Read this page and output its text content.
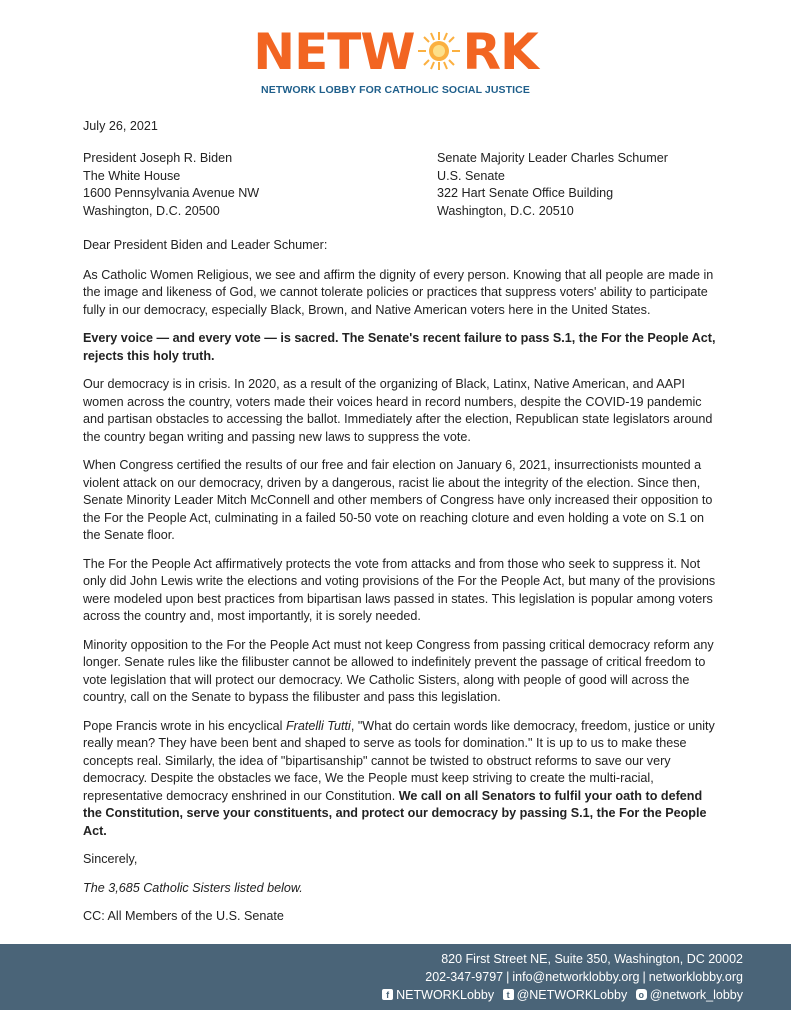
NETW RK
NETWORK LOBBY FOR CATHOLIC SOCIAL JUSTICE
July 26, 2021
President Joseph R. Biden
The White House
1600 Pennsylvania Avenue NW
Washington, D.C. 20500
Senate Majority Leader Charles Schumer
U.S. Senate
322 Hart Senate Office Building
Washington, D.C. 20510

Dear President Biden and Leader Schumer:

As Catholic Women Religious, we see and affirm the dignity of every person. Knowing that all people are made in the image and likeness of God, we cannot tolerate policies or practices that suppress voters' ability to participate fully in our democracy, especially Black, Brown, and Native American voters here in the United States.

Every voice — and every vote — is sacred. The Senate's recent failure to pass S.1, the For the People Act, rejects this holy truth.

Our democracy is in crisis. In 2020, as a result of the organizing of Black, Latinx, Native American, and AAPI women across the country, voters made their voices heard in record numbers, despite the COVID-19 pandemic and partisan obstacles to accessing the ballot. Immediately after the election, Republican state legislators around the country began writing and passing new laws to suppress the vote.

When Congress certified the results of our free and fair election on January 6, 2021, insurrectionists mounted a violent attack on our democracy, driven by a dangerous, racist lie about the integrity of the election. Since then, Senate Minority Leader Mitch McConnell and other members of Congress have only increased their opposition to the For the People Act, culminating in a failed 50-50 vote on reaching cloture and even holding a vote on S.1 on the Senate floor.

The For the People Act affirmatively protects the vote from attacks and from those who seek to suppress it. Not only did John Lewis write the elections and voting provisions of the For the People Act, but many of the provisions were modeled upon best practices from bipartisan laws passed in states. This legislation is popular among voters across the country and, most importantly, it is sorely needed.

Minority opposition to the For the People Act must not keep Congress from passing critical democracy reform any longer. Senate rules like the filibuster cannot be allowed to indefinitely prevent the passage of critical freedom to vote legislation that will protect our democracy. We Catholic Sisters, along with people of good will across the country, call on the Senate to bypass the filibuster and pass this legislation.

Pope Francis wrote in his encyclical Fratelli Tutti, "What do certain words like democracy, freedom, justice or unity really mean? They have been bent and shaped to serve as tools for domination." It is up to us to make these concepts real. Similarly, the idea of "bipartisanship" cannot be twisted to obstruct reforms to save our very democracy. Despite the obstacles we face, We the People must keep striving to create the multi-racial, representative democracy enshrined in our Constitution. We call on all Senators to fulfil your oath to defend the Constitution, serve your constituents, and protect our democracy by passing S.1, the For the People Act.

Sincerely,

The 3,685 Catholic Sisters listed below.

CC: All Members of the U.S. Senate

820 First Street NE, Suite 350, Washington, DC 20002
202-347-9797 | info@networklobby.org | networklobby.org
f NETWORKLobby	t @NETWORKLobby	o @network_lobby
